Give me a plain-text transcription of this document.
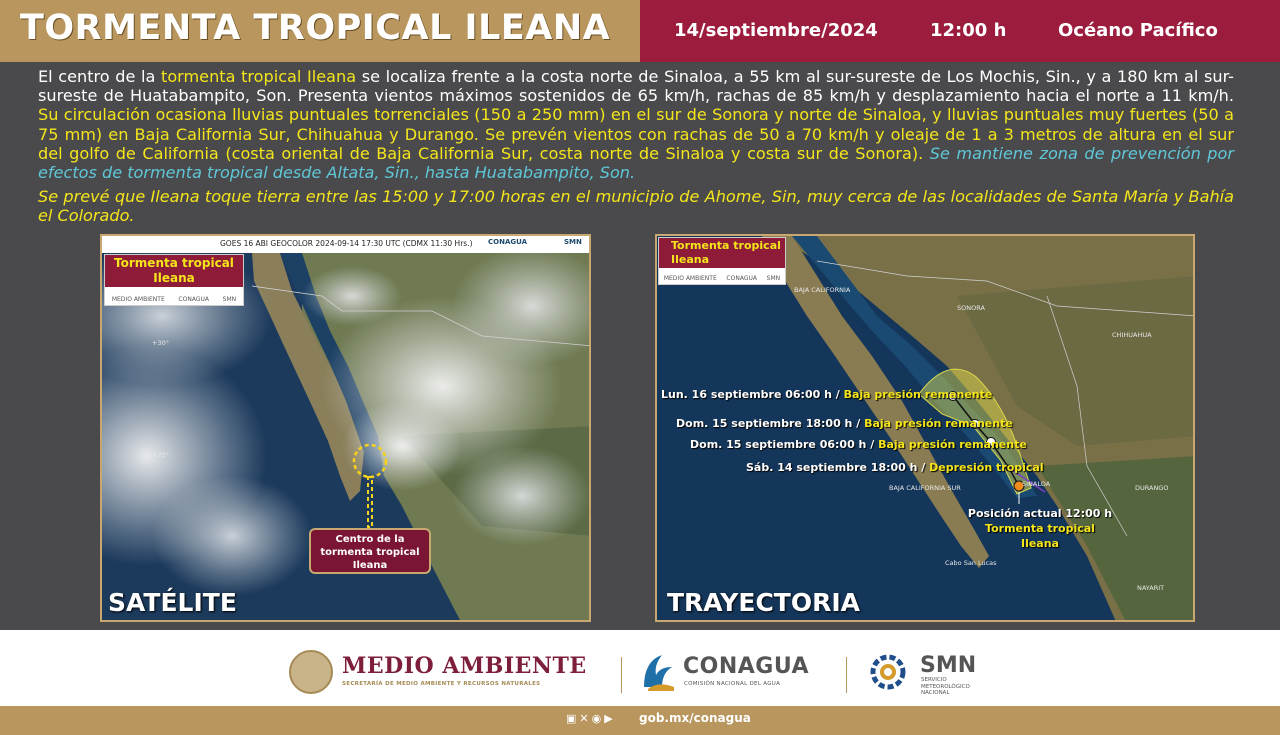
TORMENTA TROPICAL ILEANA	14/septiembre/2024	12:00 h	Océano Pacífico
El centro de la tormenta tropical Ileana se localiza frente a la costa norte de Sinaloa, a 55 km al sur-sureste de Los Mochis, Sin., y a 180 km al sur-sureste de Huatabampito, Son. Presenta vientos máximos sostenidos de 65 km/h, rachas de 85 km/h y desplazamiento hacia el norte a 11 km/h. Su circulación ocasiona lluvias puntuales torrenciales (150 a 250 mm) en el sur de Sonora y norte de Sinaloa, y lluvias puntuales muy fuertes (50 a 75 mm) en Baja California Sur, Chihuahua y Durango. Se prevén vientos con rachas de 50 a 70 km/h y oleaje de 1 a 3 metros de altura en el sur del golfo de California (costa oriental de Baja California Sur, costa norte de Sinaloa y costa sur de Sonora). Se mantiene zona de prevención por efectos de tormenta tropical desde Altata, Sin., hasta Huatabampito, Son.
Se prevé que Ileana toque tierra entre las 15:00 y 17:00 horas en el municipio de Ahome, Sin, muy cerca de las localidades de Santa María y Bahía el Colorado.
GOES 16 ABI GEOCOLOR 2024-09-14 17:30 UTC (CDMX 11:30 Hrs.) CONAGUA	SMN
Tormenta tropical Ileana
MEDIO AMBIENTE CONAGUA SMN
+30°
+25°
Centro de la tormenta tropical Ileana
SATÉLITE
Tormenta tropical Ileana
MEDIO AMBIENTE CONAGUA SMN
BAJA CALIFORNIA
SONORA
CHIHUAHUA
SINALOA
BAJA CALIFORNIA SUR	DURANGO
NAYARIT
Cabo San Lucas
Lun. 16 septiembre 06:00 h / Baja presión remanente
Dom. 15 septiembre 18:00 h / Baja presión remanente
Dom. 15 septiembre 06:00 h / Baja presión remanente
Sáb. 14 septiembre 18:00 h / Depresión tropical
Posición actual 12:00 h
Tormenta tropical Ileana
TRAYECTORIA
MEDIO AMBIENTE
SECRETARÍA DE MEDIO AMBIENTE Y RECURSOS NATURALES
CONAGUA
COMISIÓN NACIONAL DEL AGUA
SMN
SERVICIO
METEOROLÓGICO
NACIONAL
▣ ✕ ◉ ▶ gob.mx/conagua
